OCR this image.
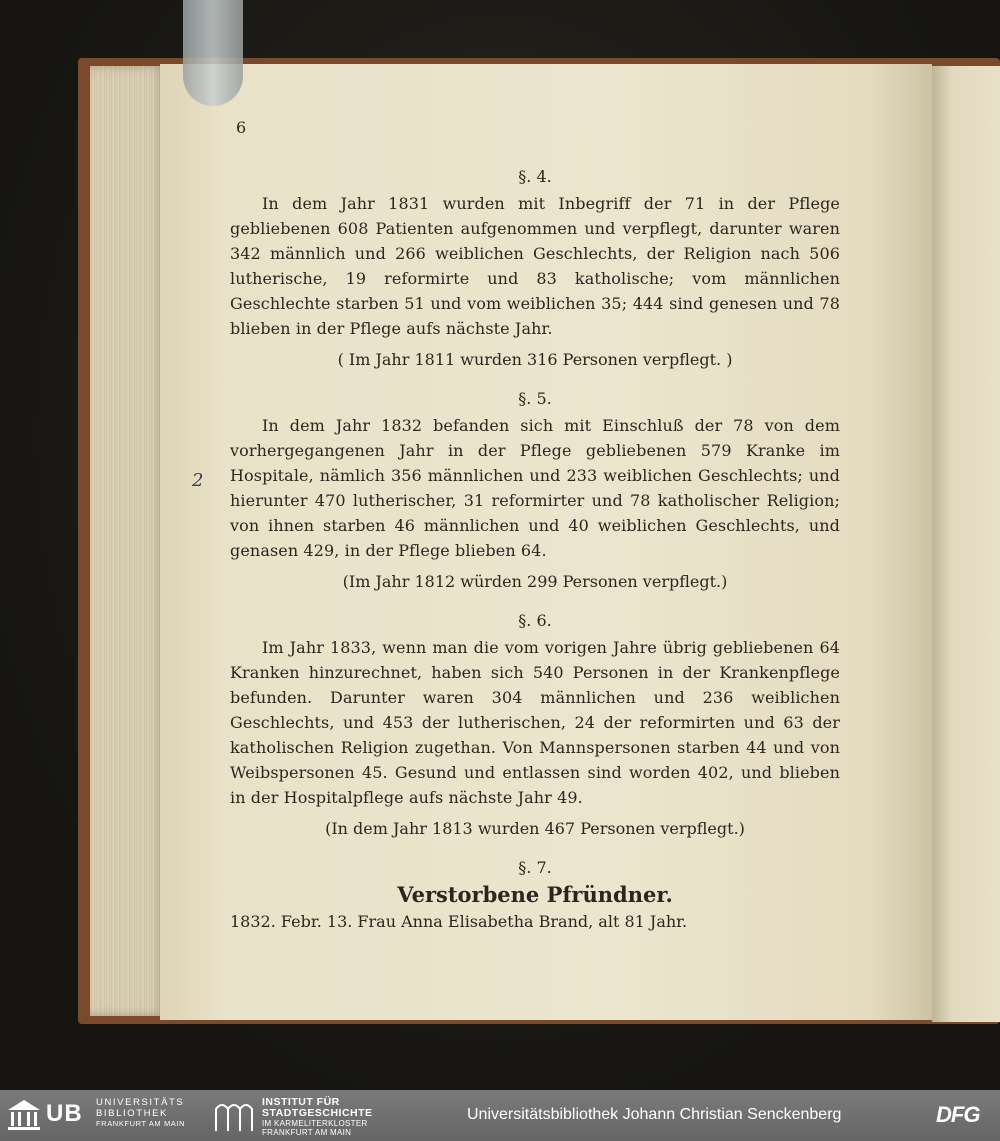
6
2

§. 4.

In dem Jahr 1831 wurden mit Inbegriff der 71 in der Pflege gebliebenen 608 Patienten aufgenommen und verpflegt, darunter waren 342 männlich und 266 weiblichen Geschlechts, der Religion nach 506 lutherische, 19 reformirte und 83 katholische; vom männlichen Geschlechte starben 51 und vom weiblichen 35; 444 sind genesen und 78 blieben in der Pflege aufs nächste Jahr.

( Im Jahr 1811 wurden 316 Personen verpflegt. )

§. 5.

In dem Jahr 1832 befanden sich mit Einschluß der 78 von dem vorhergegangenen Jahr in der Pflege gebliebenen 579 Kranke im Hospitale, nämlich 356 männlichen und 233 weiblichen Geschlechts; und hierunter 470 lutherischer, 31 reformirter und 78 katholischer Religion; von ihnen starben 46 männlichen und 40 weiblichen Geschlechts, und genasen 429, in der Pflege blieben 64.

(Im Jahr 1812 würden 299 Personen verpflegt.)

§. 6.

Im Jahr 1833, wenn man die vom vorigen Jahre übrig gebliebenen 64 Kranken hinzurechnet, haben sich 540 Personen in der Krankenpflege befunden. Darunter waren 304 männlichen und 236 weiblichen Geschlechts, und 453 der lutherischen, 24 der reformirten und 63 der katholischen Religion zugethan. Von Mannspersonen starben 44 und von Weibspersonen 45. Gesund und entlassen sind worden 402, und blieben in der Hospitalpflege aufs nächste Jahr 49.

(In dem Jahr 1813 wurden 467 Personen verpflegt.)

§. 7.

Verstorbene Pfründner.

1832. Febr. 13. Frau Anna Elisabetha Brand, alt 81 Jahr.

UB UNIVERSITÄTS
BIBLIOTHEK
FRANKFURT AM MAIN
INSTITUT FÜR
STADTGESCHICHTE
IM KARMELITERKLOSTER
FRANKFURT AM MAIN
Universitätsbibliothek Johann Christian Senckenberg	DFG
